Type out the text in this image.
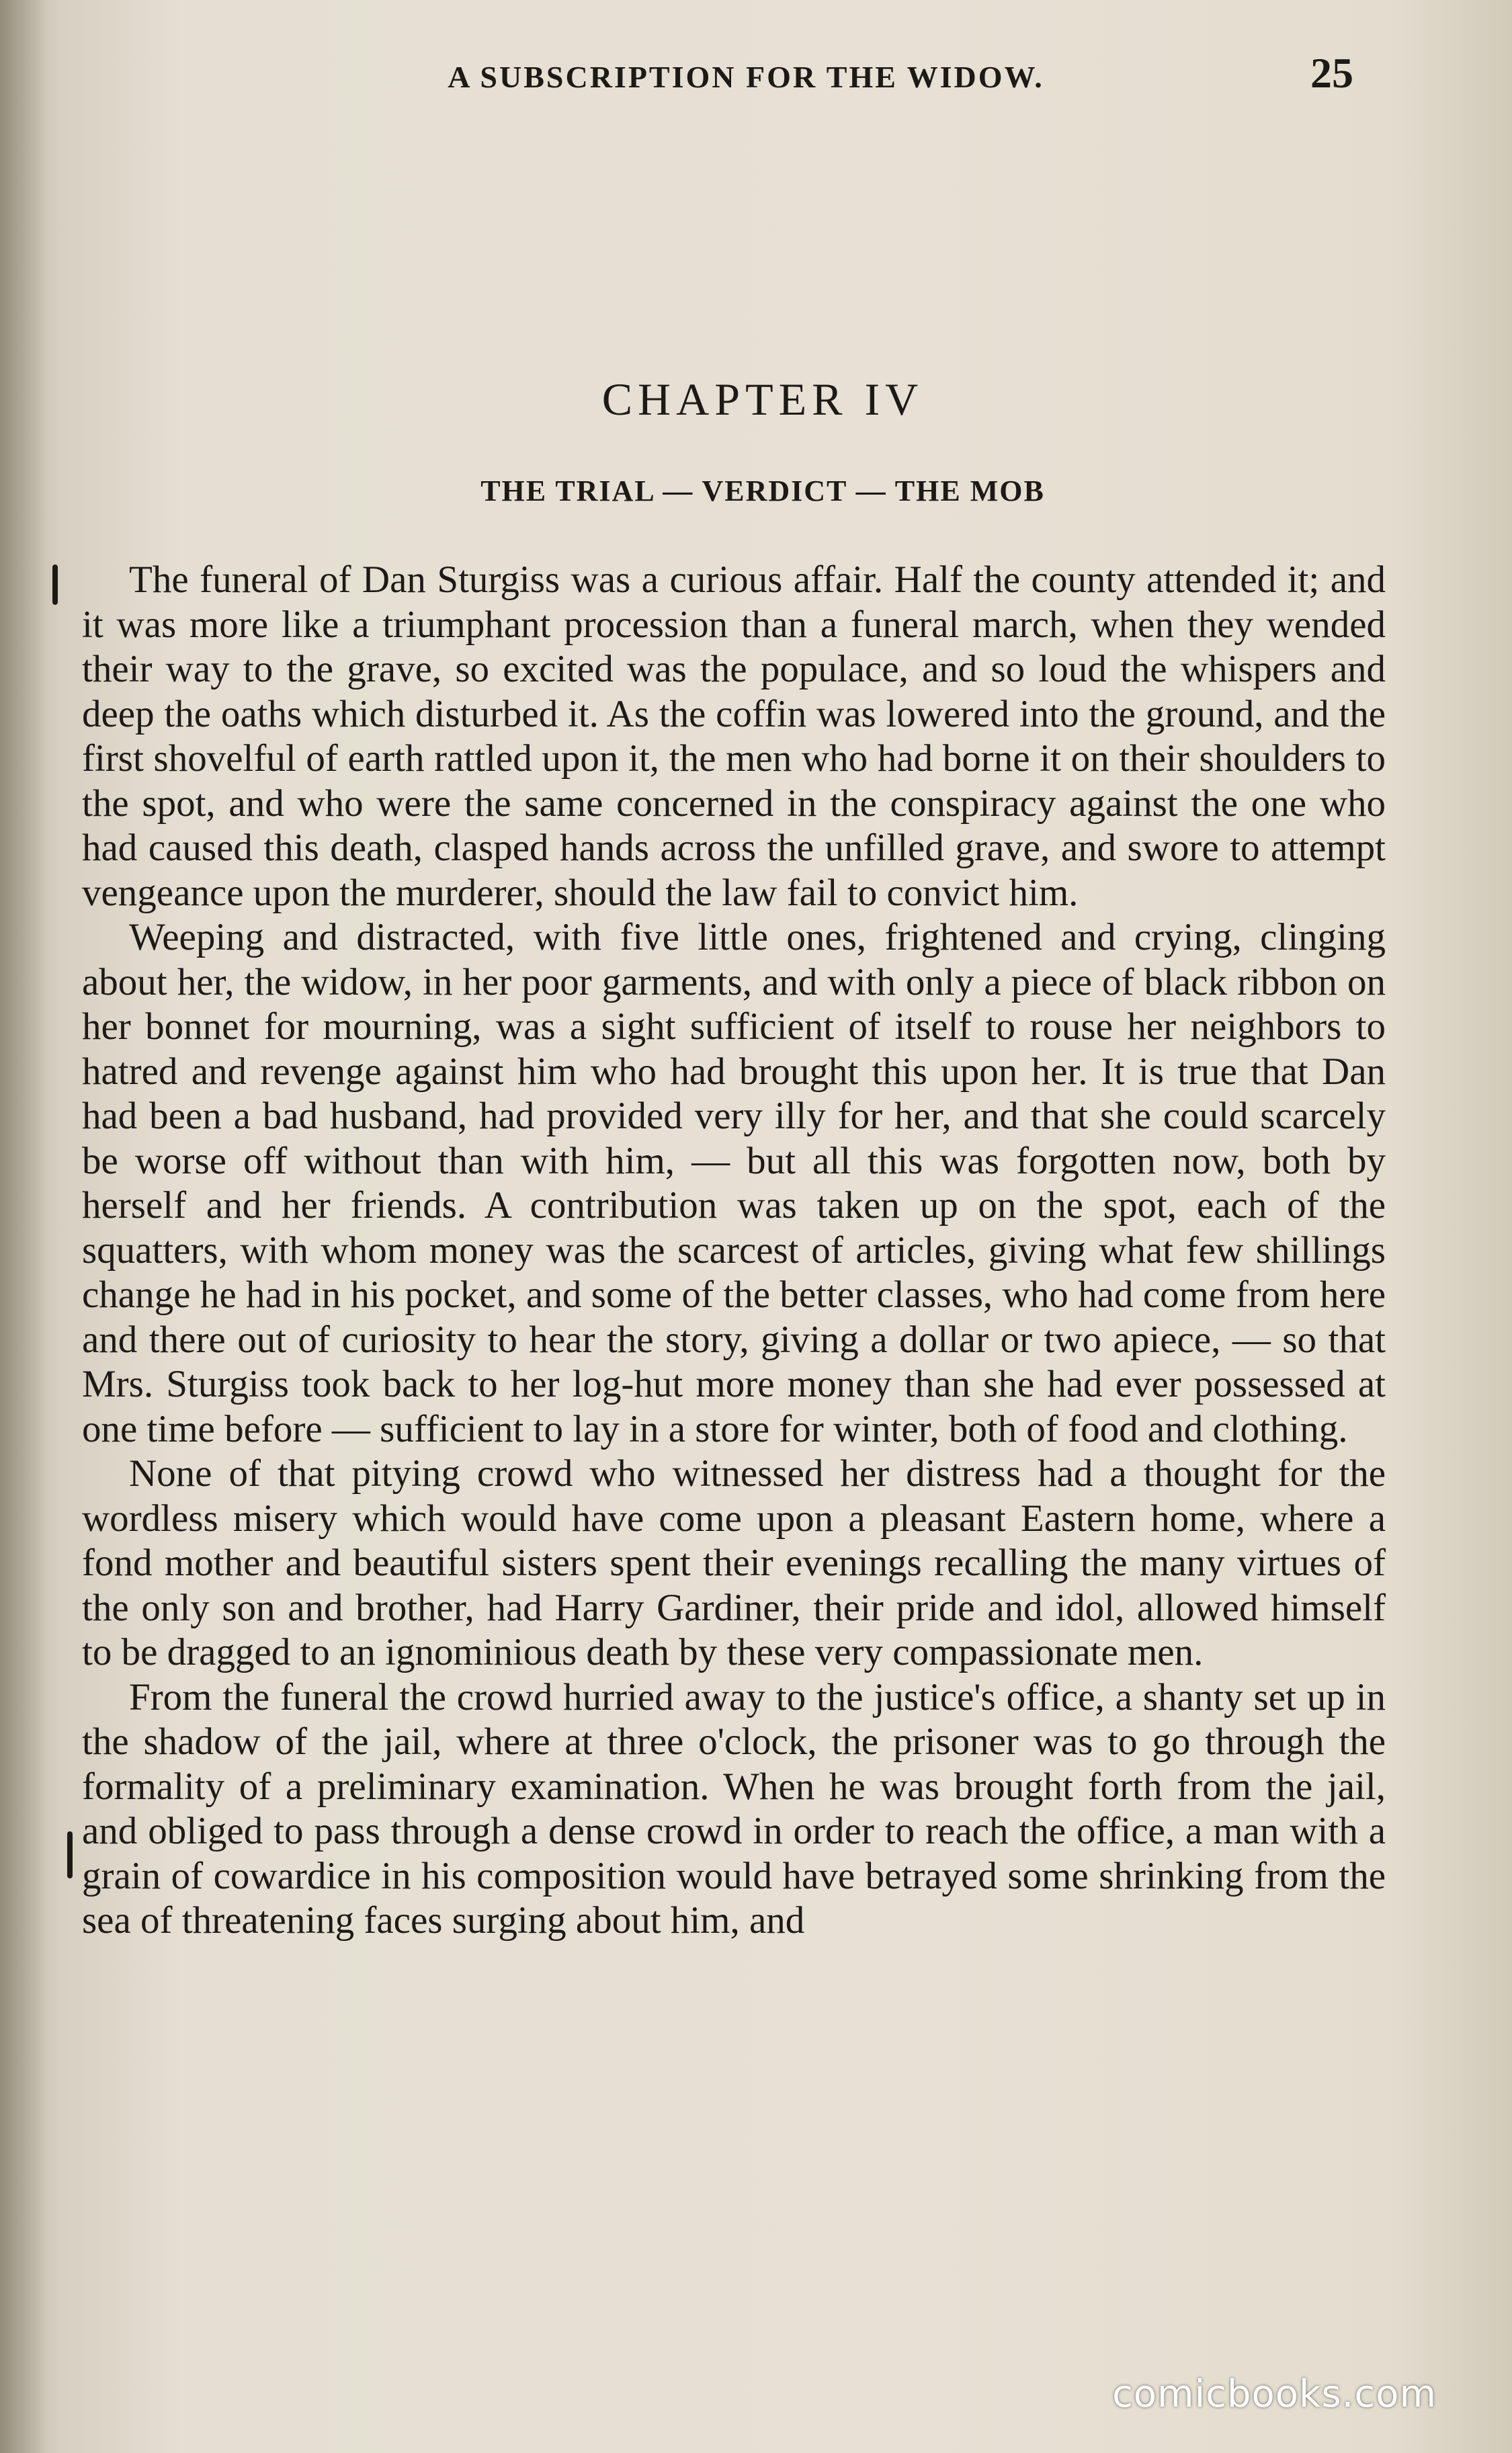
A SUBSCRIPTION FOR THE WIDOW.	25
CHAPTER IV
THE TRIAL — VERDICT — THE MOB

The funeral of Dan Sturgiss was a curious affair. Half the county attended it; and it was more like a triumphant procession than a funeral march, when they wended their way to the grave, so excited was the populace, and so loud the whispers and deep the oaths which disturbed it. As the coffin was lowered into the ground, and the first shovelful of earth rattled upon it, the men who had borne it on their shoulders to the spot, and who were the same concerned in the conspiracy against the one who had caused this death, clasped hands across the unfilled grave, and swore to attempt vengeance upon the murderer, should the law fail to convict him.

Weeping and distracted, with five little ones, frightened and crying, clinging about her, the widow, in her poor garments, and with only a piece of black ribbon on her bonnet for mourning, was a sight sufficient of itself to rouse her neighbors to hatred and revenge against him who had brought this upon her. It is true that Dan had been a bad husband, had provided very illy for her, and that she could scarcely be worse off without than with him, — but all this was forgotten now, both by herself and her friends. A contribution was taken up on the spot, each of the squatters, with whom money was the scarcest of articles, giving what few shillings change he had in his pocket, and some of the better classes, who had come from here and there out of curiosity to hear the story, giving a dollar or two apiece, — so that Mrs. Sturgiss took back to her log-hut more money than she had ever possessed at one time before — sufficient to lay in a store for winter, both of food and clothing.

None of that pitying crowd who witnessed her distress had a thought for the wordless misery which would have come upon a pleasant Eastern home, where a fond mother and beautiful sisters spent their evenings recalling the many virtues of the only son and brother, had Harry Gardiner, their pride and idol, allowed himself to be dragged to an ignominious death by these very compassionate men.

From the funeral the crowd hurried away to the justice's office, a shanty set up in the shadow of the jail, where at three o'clock, the prisoner was to go through the formality of a preliminary examination. When he was brought forth from the jail, and obliged to pass through a dense crowd in order to reach the office, a man with a grain of cowardice in his composition would have betrayed some shrinking from the sea of threatening faces surging about him, and

comicbooks.com
